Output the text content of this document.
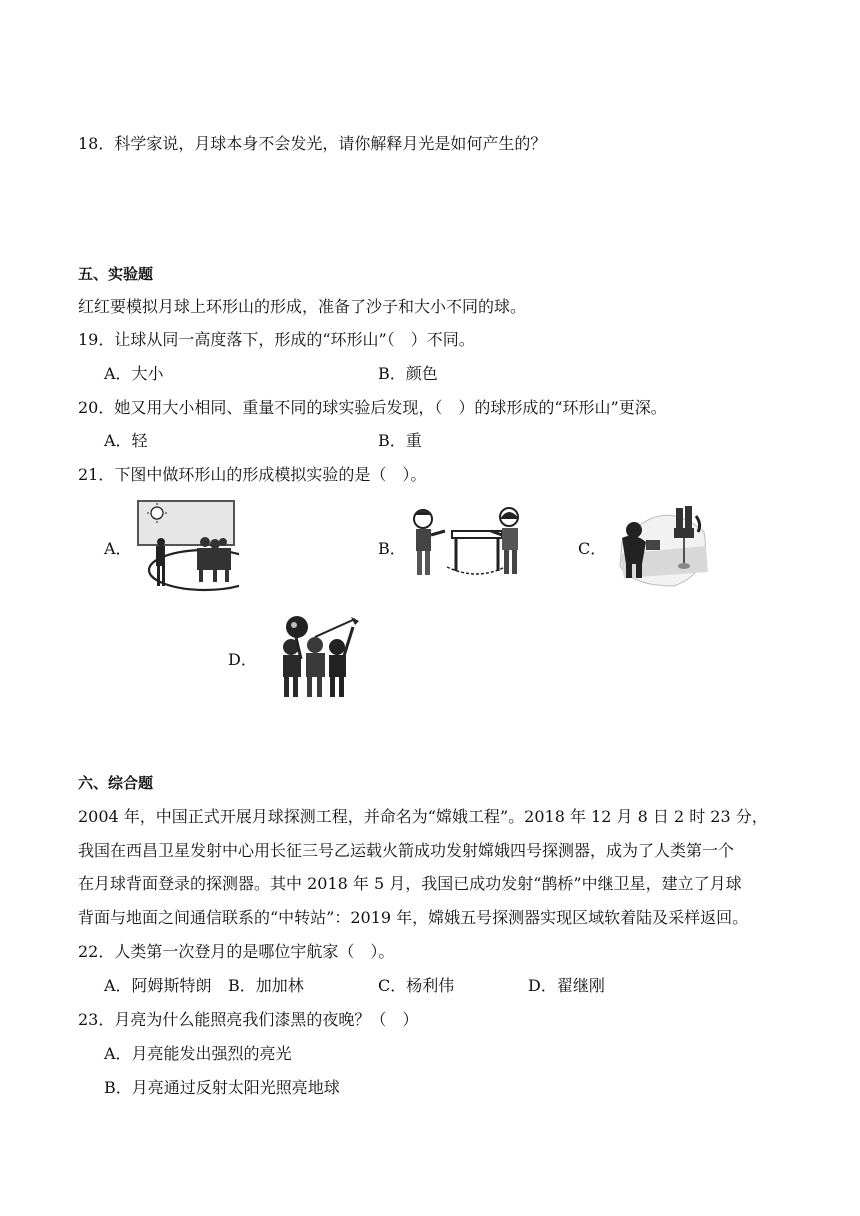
18．科学家说，月球本身不会发光，请你解释月光是如何产生的？
五、实验题
红红要模拟月球上环形山的形成，准备了沙子和大小不同的球。
19．让球从同一高度落下，形成的“环形山”（　）不同。
A．大小	B．颜色
20．她又用大小相同、重量不同的球实验后发现，（　）的球形成的“环形山”更深。
A．轻	B．重
21．下图中做环形山的形成模拟实验的是（　）。
A．	B．	C．
D．
六、综合题
2004 年，中国正式开展月球探测工程，并命名为“嫦娥工程”。2018 年 12 月 8 日 2 时 23 分，
我国在西昌卫星发射中心用长征三号乙运载火箭成功发射嫦娥四号探测器，成为了人类第一个
在月球背面登录的探测器。其中 2018 年 5 月，我国已成功发射“鹊桥”中继卫星，建立了月球
背面与地面之间通信联系的“中转站”：2019 年，嫦娥五号探测器实现区域软着陆及采样返回。
22．人类第一次登月的是哪位宇航家（　）。
A．阿姆斯特朗 B．加加林	C．杨利伟	D．翟继刚
23．月亮为什么能照亮我们漆黑的夜晚？（　）
A．月亮能发出强烈的亮光
B．月亮通过反射太阳光照亮地球
